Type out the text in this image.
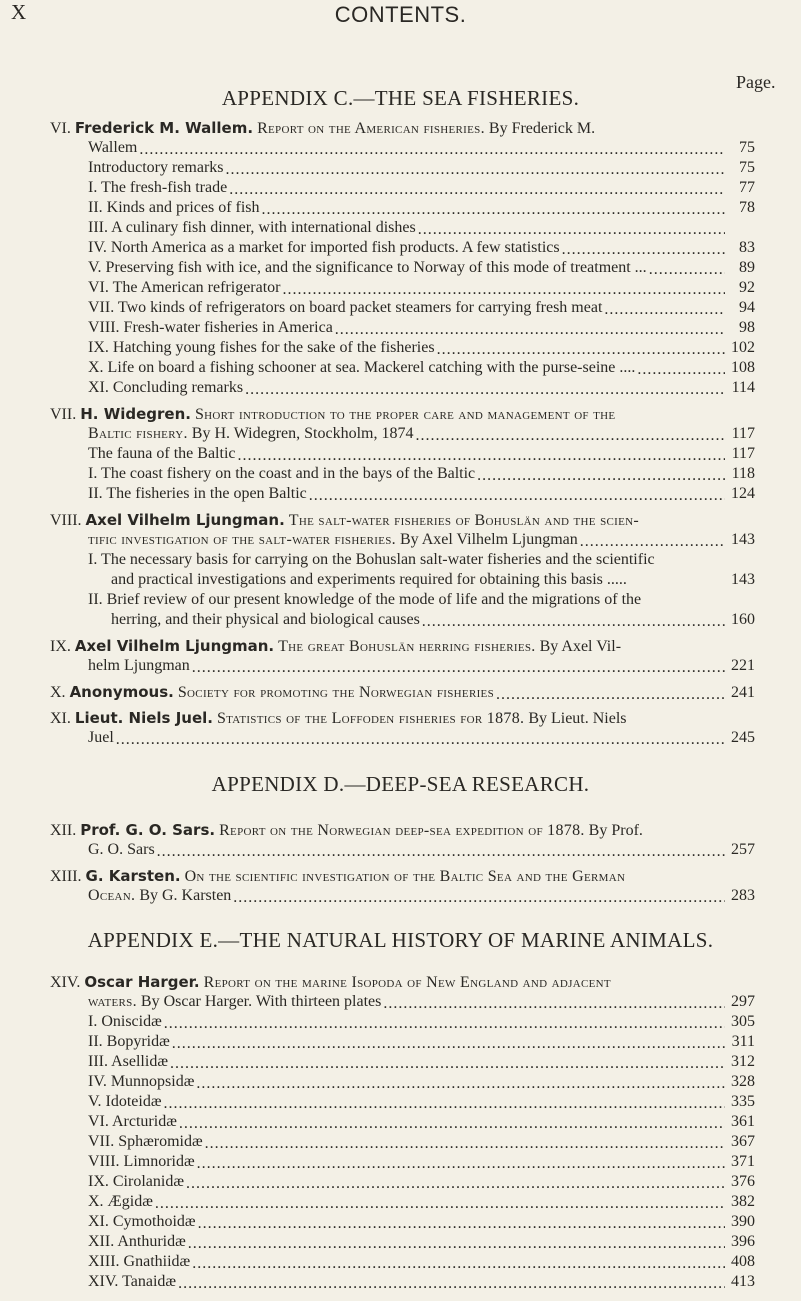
X	CONTENTS.
APPENDIX C.—THE SEA FISHERIES.
Page.
VI. Frederick M. Wallem. Report on the American fisheries. By Frederick M.
Wallem .....	75
Introductory remarks .....	75
I. The fresh-fish trade .....	77
II. Kinds and prices of fish .....	78
III. A culinary fish dinner, with international dishes
.....
IV. North America as a market for imported fish products. A few statistics .....	83
V. Preserving fish with ice, and the significance to Norway of this mode of treatment ... .....	89
VI. The American refrigerator .....	92
VII. Two kinds of refrigerators on board packet steamers for carrying fresh meat .....	94
VIII. Fresh-water fisheries in America .....	98
IX. Hatching young fishes for the sake of the fisheries .....	102
X. Life on board a fishing schooner at sea. Mackerel catching with the purse-seine .... .....	108
XI. Concluding remarks .....	114
VII. H. Widegren. Short introduction to the proper care and management of the
Baltic fishery. By H. Widegren, Stockholm, 1874 .....	117
The fauna of the Baltic .....	117
I. The coast fishery on the coast and in the bays of the Baltic .....	118
II. The fisheries in the open Baltic .....	124
VIII. Axel Vilhelm Ljungman. The salt-water fisheries of Bohuslän and the scien-
tific investigation of the salt-water fisheries. By Axel Vilhelm Ljungman .....	143
I. The necessary basis for carrying on the Bohuslan salt-water fisheries and the scientific
and practical investigations and experiments required for obtaining this basis .....	143
II. Brief review of our present knowledge of the mode of life and the migrations of the
herring, and their physical and biological causes .....	160
IX. Axel Vilhelm Ljungman. The great Bohuslän herring fisheries. By Axel Vil-
helm Ljungman .....	221
X. Anonymous. Society for promoting the Norwegian fisheries .....	241
XI. Lieut. Niels Juel. Statistics of the Loffoden fisheries for 1878. By Lieut. Niels
Juel .....	245
APPENDIX D.—DEEP-SEA RESEARCH.
XII. Prof. G. O. Sars. Report on the Norwegian deep-sea expedition of 1878. By Prof.
G. O. Sars .....	257
XIII. G. Karsten. On the scientific investigation of the Baltic Sea and the German
Ocean. By G. Karsten .....	283
APPENDIX E.—THE NATURAL HISTORY OF MARINE ANIMALS.
XIV. Oscar Harger. Report on the marine Isopoda of New England and adjacent
waters. By Oscar Harger. With thirteen plates .....	297
I. Oniscidæ .....	305
II. Bopyridæ .....	311
III. Asellidæ .....	312
IV. Munnopsidæ .....	328
V. Idoteidæ .....	335
VI. Arcturidæ .....	361
VII. Sphæromidæ .....	367
VIII. Limnoridæ .....	371
IX. Cirolanidæ .....	376
X. Ægidæ .....	382
XI. Cymothoidæ .....	390
XII. Anthuridæ .....	396
XIII. Gnathiidæ .....	408
XIV. Tanaidæ .....	413
